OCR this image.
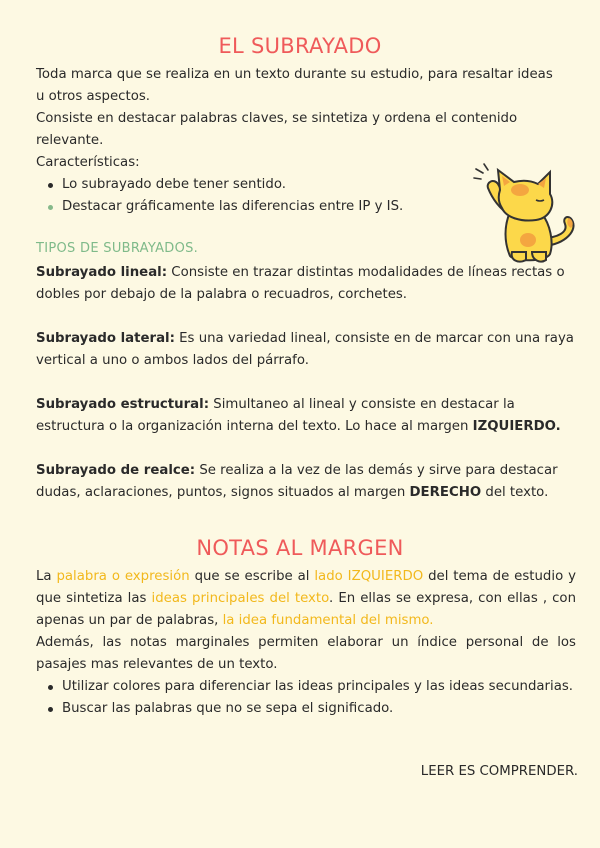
EL SUBRAYADO
Toda marca que se realiza en un texto durante su estudio, para resaltar ideas
u otros aspectos.
Consiste en destacar palabras claves, se sintetiza y ordena el contenido
relevante.
Características:
Lo subrayado debe tener sentido.
Destacar gráficamente las diferencias entre IP y IS.
TIPOS DE SUBRAYADOS.
Subrayado lineal: Consiste en trazar distintas modalidades de líneas rectas o
dobles por debajo de la palabra o recuadros, corchetes.
Subrayado lateral: Es una variedad lineal, consiste en de marcar con una raya
vertical a uno o ambos lados del párrafo.
Subrayado estructural: Simultaneo al lineal y consiste en destacar la
estructura o la organización interna del texto. Lo hace al margen IZQUIERDO.
Subrayado de realce: Se realiza a la vez de las demás y sirve para destacar
dudas, aclaraciones, puntos, signos situados al margen DERECHO del texto.
NOTAS AL MARGEN
La palabra o expresión que se escribe al lado IZQUIERDO del tema de estudio y que sintetiza las ideas principales del texto. En ellas se expresa, con ellas , con apenas un par de palabras, la idea fundamental del mismo.
Además, las notas marginales permiten elaborar un índice personal de los pasajes mas relevantes de un texto.
Utilizar colores para diferenciar las ideas principales y las ideas secundarias.
Buscar las palabras que no se sepa el significado.
LEER ES COMPRENDER.
